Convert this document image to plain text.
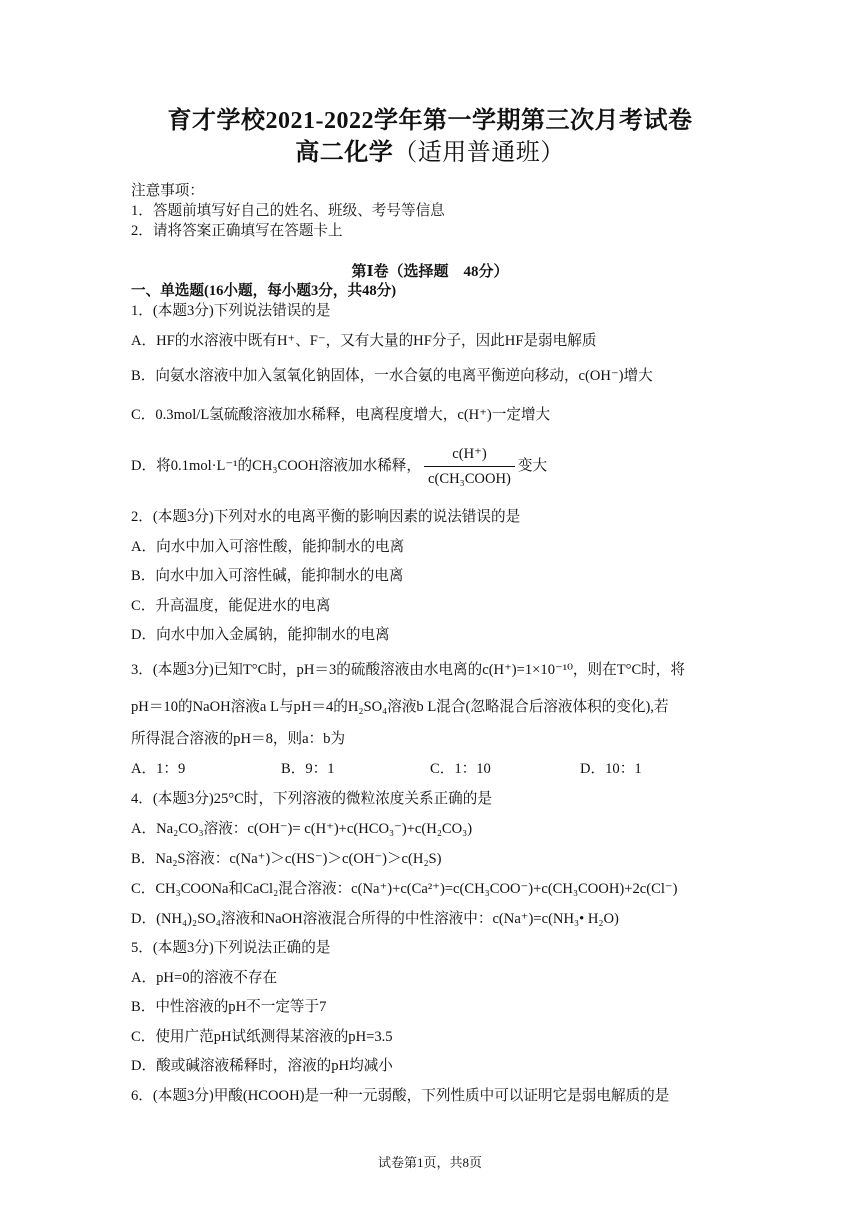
育才学校2021-2022学年第一学期第三次月考试卷
高二化学（适用普通班）
注意事项：
1．答题前填写好自己的姓名、班级、考号等信息
2．请将答案正确填写在答题卡上
第Ⅰ卷（选择题　48分）
一、单选题(16小题，每小题3分，共48分)
1．(本题3分)下列说法错误的是
A．HF的水溶液中既有H⁺、F⁻，又有大量的HF分子，因此HF是弱电解质
B．向氨水溶液中加入氢氧化钠固体，一水合氨的电离平衡逆向移动，c(OH⁻)增大
C．0.3mol/L氢硫酸溶液加水稀释，电离程度增大，c(H⁺)一定增大
D．将0.1mol·L⁻¹的CH₃COOH溶液加水稀释， $\frac{c(H^+)}{\text{c(CH₃COOH)}}$ 变大
2．(本题3分)下列对水的电离平衡的影响因素的说法错误的是
A．向水中加入可溶性酸，能抑制水的电离
B．向水中加入可溶性碱，能抑制水的电离
C．升高温度，能促进水的电离
D．向水中加入金属钠，能抑制水的电离
3．(本题3分)已知T°C时，pH＝3的硫酸溶液由水电离的c(H⁺)=1×10⁻¹⁰，则在T°C时，将
pH＝10的NaOH溶液a L与pH＝4的H₂SO₄溶液b L混合(忽略混合后溶液体积的变化),若
所得混合溶液的pH＝8，则a：b为
A．1：9	B．9：1	C．1：10	D．10：1
4．(本题3分)25°C时，下列溶液的微粒浓度关系正确的是
A．Na₂CO₃溶液：c(OH⁻)= c(H⁺)+c(HCO₃⁻)+c(H₂CO₃)
B．Na₂S溶液：c(Na⁺)＞c(HS⁻)＞c(OH⁻)＞c(H₂S)
C．CH₃COONa和CaCl₂混合溶液：c(Na⁺)+c(Ca²⁺)=c(CH₃COO⁻)+c(CH₃COOH)+2c(Cl⁻)
D．(NH₄)₂SO₄溶液和NaOH溶液混合所得的中性溶液中：c(Na⁺)=c(NH₃• H₂O)
5．(本题3分)下列说法正确的是
A．pH=0的溶液不存在
B．中性溶液的pH不一定等于7
C．使用广范pH试纸测得某溶液的pH=3.5
D．酸或碱溶液稀释时，溶液的pH均减小
6．(本题3分)甲酸(HCOOH)是一种一元弱酸，下列性质中可以证明它是弱电解质的是
试卷第1页，共8页
